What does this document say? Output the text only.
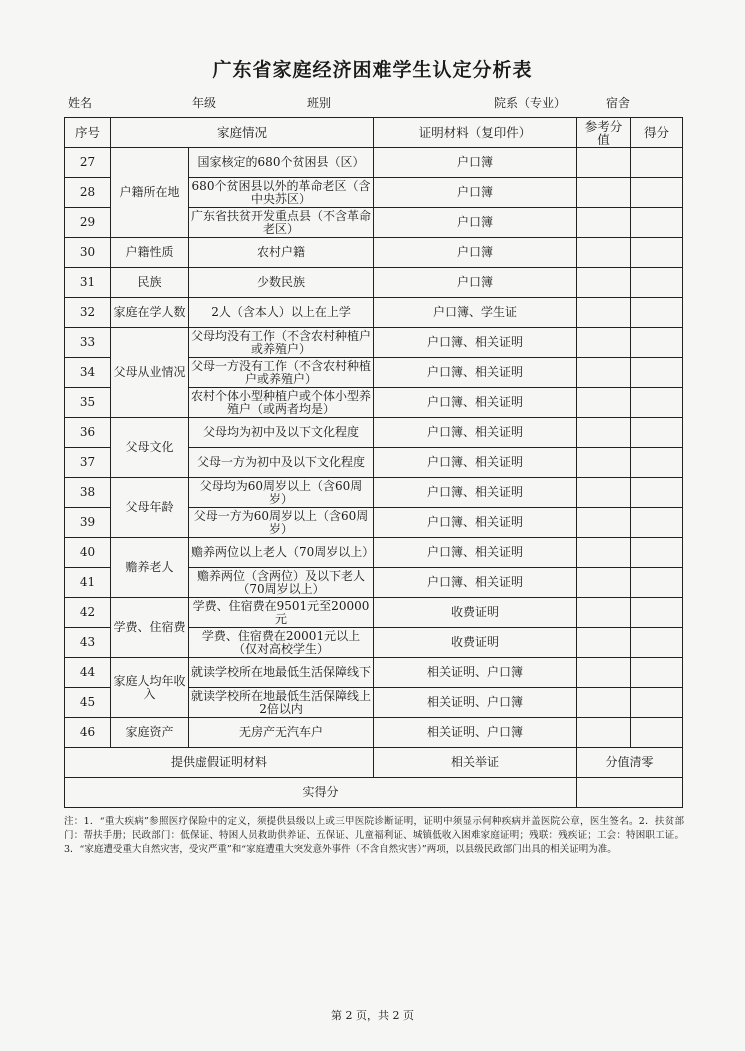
广东省家庭经济困难学生认定分析表
姓名	年级	班别	院系（专业）	宿舍
序号	家庭情况		证明材料（复印件）	参考分值	得分
27	户籍所在地	国家核定的680个贫困县（区）	户口簿		
28		680个贫困县以外的革命老区（含中央苏区）	户口簿		
29		广东省扶贫开发重点县（不含革命老区）	户口簿		
30	户籍性质	农村户籍	户口簿		
31	民族	少数民族	户口簿		
32	家庭在学人数	2人（含本人）以上在上学	户口簿、学生证		
33	父母从业情况	父母均没有工作（不含农村种植户或养殖户）	户口簿、相关证明		
34		父母一方没有工作（不含农村种植户或养殖户）	户口簿、相关证明		
35		农村个体小型种植户或个体小型养殖户（或两者均是）	户口簿、相关证明		
36	父母文化	父母均为初中及以下文化程度	户口簿、相关证明		
37		父母一方为初中及以下文化程度	户口簿、相关证明		
38	父母年龄	父母均为60周岁以上（含60周岁）	户口簿、相关证明		
39		父母一方为60周岁以上（含60周岁）	户口簿、相关证明		
40	赡养老人	赡养两位以上老人（70周岁以上）	户口簿、相关证明		
41		赡养两位（含两位）及以下老人（70周岁以上）	户口簿、相关证明		
42	学费、住宿费	学费、住宿费在9501元至20000元	收费证明		
43		学费、住宿费在20001元以上（仅对高校学生）	收费证明		
44	家庭人均年收入	就读学校所在地最低生活保障线下	相关证明、户口簿		
45		就读学校所在地最低生活保障线上2倍以内	相关证明、户口簿		
46	家庭资产	无房产无汽车户	相关证明、户口簿		
提供虚假证明材料			相关举证	分值清零	
实得分					
注：1．“重大疾病”参照医疗保险中的定义，须提供县级以上或三甲医院诊断证明，证明中须显示何种疾病并盖医院公章，医生签名。2．扶贫部门：帮扶手册；民政部门：低保证、特困人员救助供养证、五保证、儿童福利证、城镇低收入困难家庭证明；残联：残疾证；工会：特困职工证。3．“家庭遭受重大自然灾害，受灾严重”和“家庭遭重大突发意外事件（不含自然灾害）”两项，以县级民政部门出具的相关证明为准。
第 2 页，共 2 页
